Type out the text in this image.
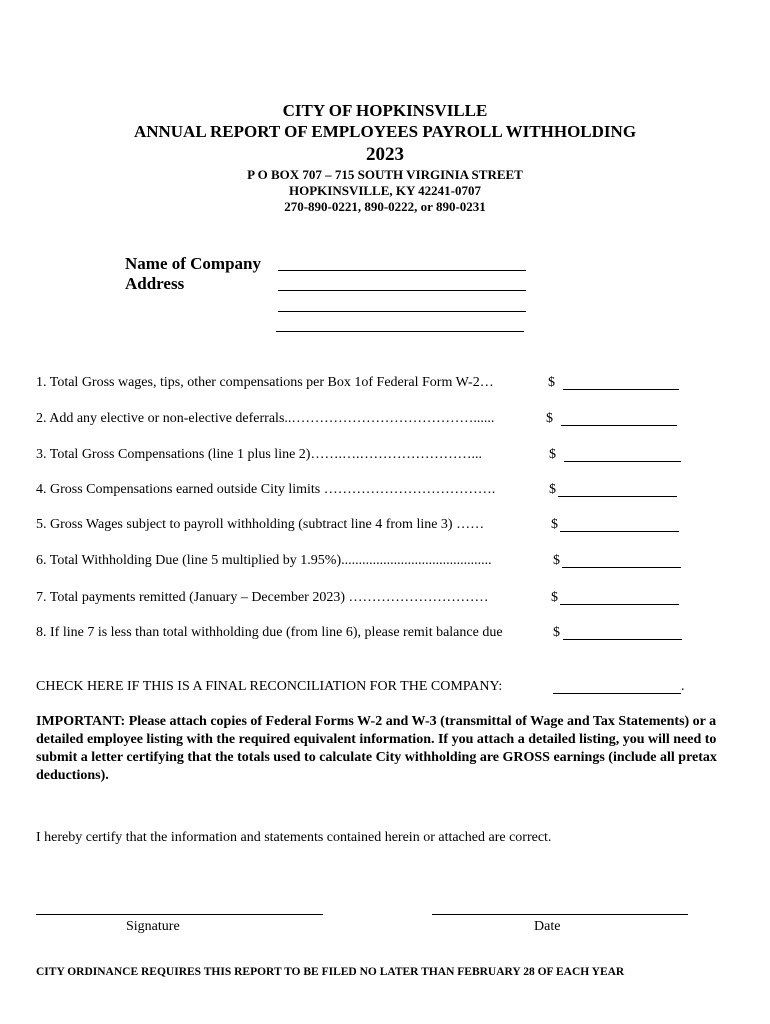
CITY OF HOPKINSVILLE
ANNUAL REPORT OF EMPLOYEES PAYROLL WITHHOLDING
2023
P O BOX 707 – 715 SOUTH VIRGINIA STREET
HOPKINSVILLE, KY 42241-0707
270-890-0221, 890-0222, or 890-0231
Name of Company
Address
1. Total Gross wages, tips, other compensations per Box 1of Federal Form W-2…	$
2. Add any elective or non-elective deferrals..…………………………………......	$
3. Total Gross Compensations (line 1 plus line 2)…….….……………………...	$
4. Gross Compensations earned outside City limits ……………………………….	$
5. Gross Wages subject to payroll withholding (subtract line 4 from line 3) ……	$
6. Total Withholding Due (line 5 multiplied by 1.95%)...........................................	$
7. Total payments remitted (January – December 2023) …………………………	$
8. If line 7 is less than total withholding due (from line 6), please remit balance due	$
CHECK HERE IF THIS IS A FINAL RECONCILIATION FOR THE COMPANY:	.
IMPORTANT: Please attach copies of Federal Forms W-2 and W-3 (transmittal of Wage and Tax Statements) or a detailed employee listing with the required equivalent information. If you attach a detailed listing, you will need to submit a letter certifying that the totals used to calculate City withholding are GROSS earnings (include all pretax deductions).
I hereby certify that the information and statements contained herein or attached are correct.
Signature	Date
CITY ORDINANCE REQUIRES THIS REPORT TO BE FILED NO LATER THAN FEBRUARY 28 OF EACH YEAR
